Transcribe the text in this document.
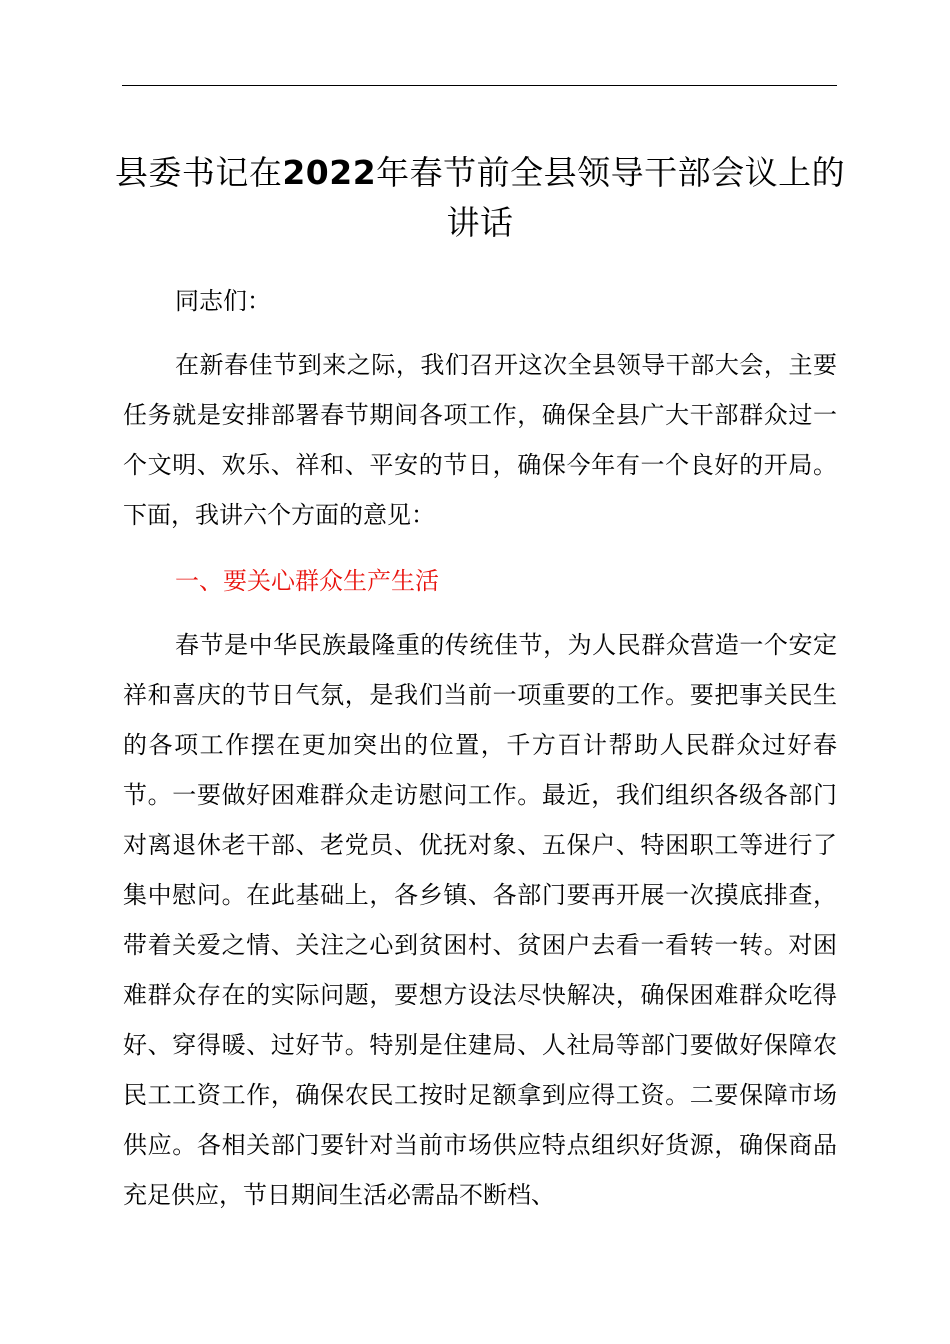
县委书记在2022年春节前全县领导干部会议上的讲话

同志们：

在新春佳节到来之际，我们召开这次全县领导干部大会，主要任务就是安排部署春节期间各项工作，确保全县广大干部群众过一个文明、欢乐、祥和、平安的节日，确保今年有一个良好的开局。下面，我讲六个方面的意见：

一、要关心群众生产生活

春节是中华民族最隆重的传统佳节，为人民群众营造一个安定祥和喜庆的节日气氛，是我们当前一项重要的工作。要把事关民生的各项工作摆在更加突出的位置，千方百计帮助人民群众过好春节。一要做好困难群众走访慰问工作。最近，我们组织各级各部门对离退休老干部、老党员、优抚对象、五保户、特困职工等进行了集中慰问。在此基础上，各乡镇、各部门要再开展一次摸底排查，带着关爱之情、关注之心到贫困村、贫困户去看一看转一转。对困难群众存在的实际问题，要想方设法尽快解决，确保困难群众吃得好、穿得暖、过好节。特别是住建局、人社局等部门要做好保障农民工工资工作，确保农民工按时足额拿到应得工资。二要保障市场供应。各相关部门要针对当前市场供应特点组织好货源，确保商品充足供应，节日期间生活必需品不断档、
